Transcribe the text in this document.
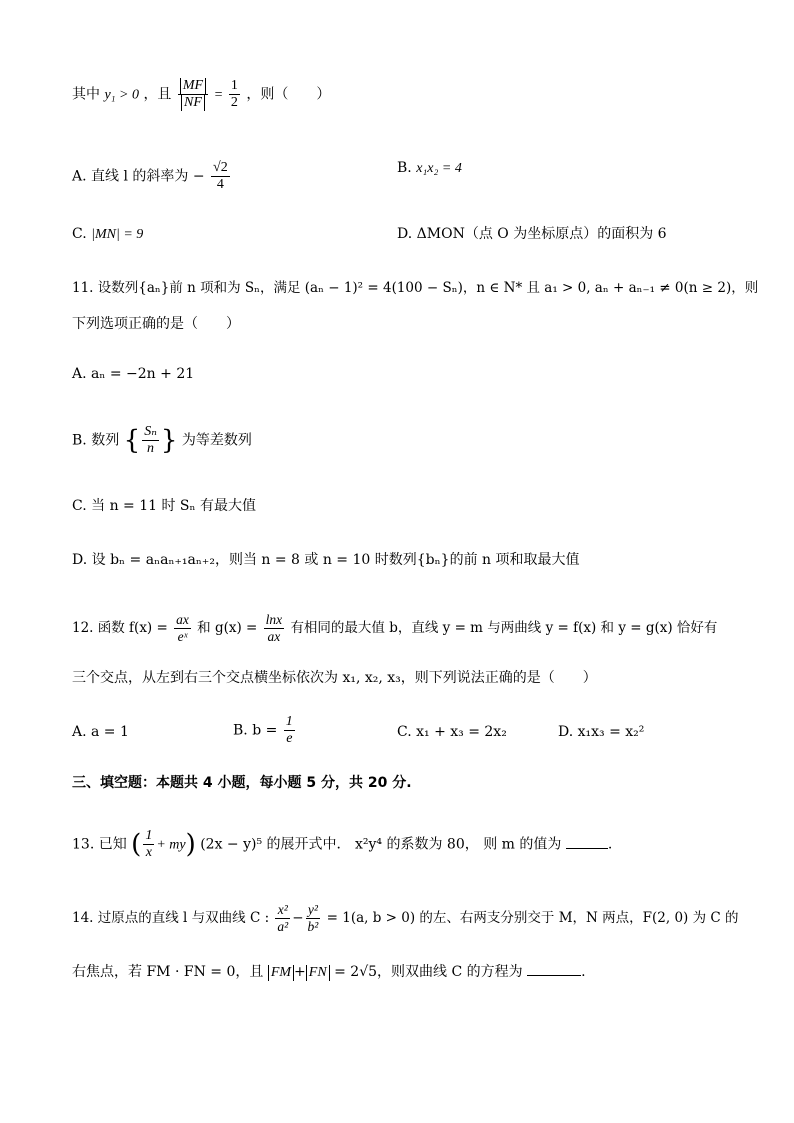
其中 y₁ > 0 ，且 $\frac{MF}{NF} = \frac{1}{2}$ ，则（　　）
A. 直线 l 的斜率为 − $\frac{√2}{4}$	B. x₁x₂ = 4
C. |MN| = 9	D. ΔMON（点 O 为坐标原点）的面积为 6
11. 设数列{aₙ}前 n 项和为 Sₙ，满足 (aₙ − 1)² = 4(100 − Sₙ)，n ∈ N* 且 a₁ > 0, aₙ + aₙ₋₁ ≠ 0(n ≥ 2)，则
下列选项正确的是（　　）
A. aₙ = −2n + 21
B. 数列 { $\frac{\text{Sₙ}}{n}$ } 为等差数列
C. 当 n = 11 时 Sₙ 有最大值
D. 设 bₙ = aₙaₙ₊₁aₙ₊₂，则当 n = 8 或 n = 10 时数列{bₙ}的前 n 项和取最大值
12. 函数 $f(x) = \frac{ax}{\text{eˣ}}$ 和 $g(x) = \frac{\ln x}{ax}$ 有相同的最大值 b，直线 y = m 与两曲线 y = f(x) 和 y = g(x) 恰好有
三个交点，从左到右三个交点横坐标依次为 x₁, x₂, x₃，则下列说法正确的是（　　）
A. a = 1	B. $b = \frac{1}{e}$	C. x₁ + x₃ = 2x₂	D. x₁x₃ = x₂²
三、填空题：本题共 4 小题，每小题 5 分，共 20 分.
13. 已知 ( $\frac{1}{x} + my$) (2x − y)⁵ 的展开式中． x²y⁴ 的系数为 80， 则 m 的值为	.
14. 过原点的直线 l 与双曲线 C : $\frac{\text{x²}}{\text{a²}} - \frac{\text{y²}}{\text{b²}} = 1(a$, b > 0) 的左、右两支分别交于 M，N 两点，F(2, 0) 为 C 的
右焦点，若 FM · FN = 0，且 FM + FN = 2√5，则双曲线 C 的方程为	.
